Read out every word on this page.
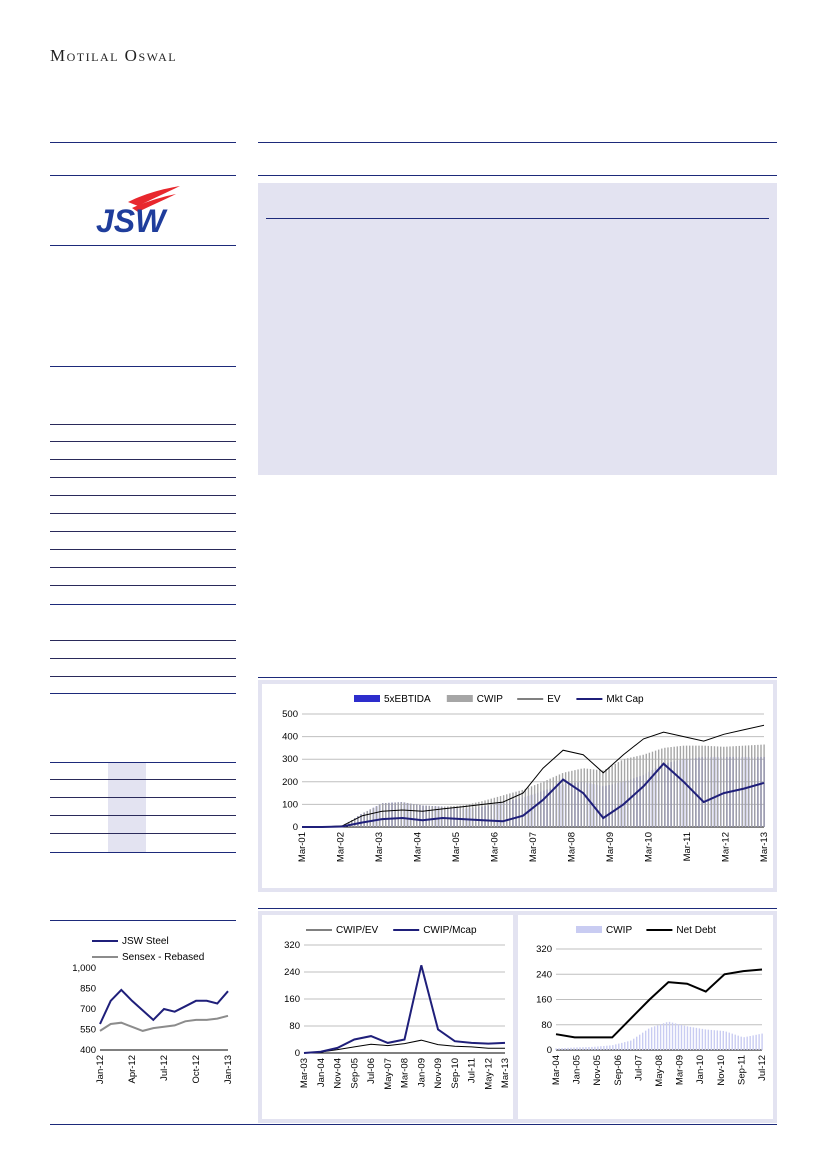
Motilal Oswal
JSW
0
100
200
300
400
500
Mar-01	Mar-02	Mar-03	Mar-04	Mar-05	Mar-06	Mar-07	Mar-08	Mar-09	Mar-10	Mar-11	Mar-12	Mar-13
5xEBTIDA	CWIP	EV	Mkt Cap
400
550
700
850
1,000
Jan-12 Apr-12 Jul-12 Oct-12 Jan-13
JSW Steel
Sensex - Rebased
0
80
160
240
320
Mar-03 Jan-04 Nov-04 Sep-05 Jul-06 May-07 Mar-08 Jan-09 Nov-09 Sep-10 Jul-11 May-12 Mar-13
CWIP/EV	CWIP/Mcap
0
80
160
240
320
Mar-04 Jan-05 Nov-05 Sep-06 Jul-07 May-08 Mar-09 Jan-10 Nov-10 Sep-11 Jul-12
CWIP	Net Debt
